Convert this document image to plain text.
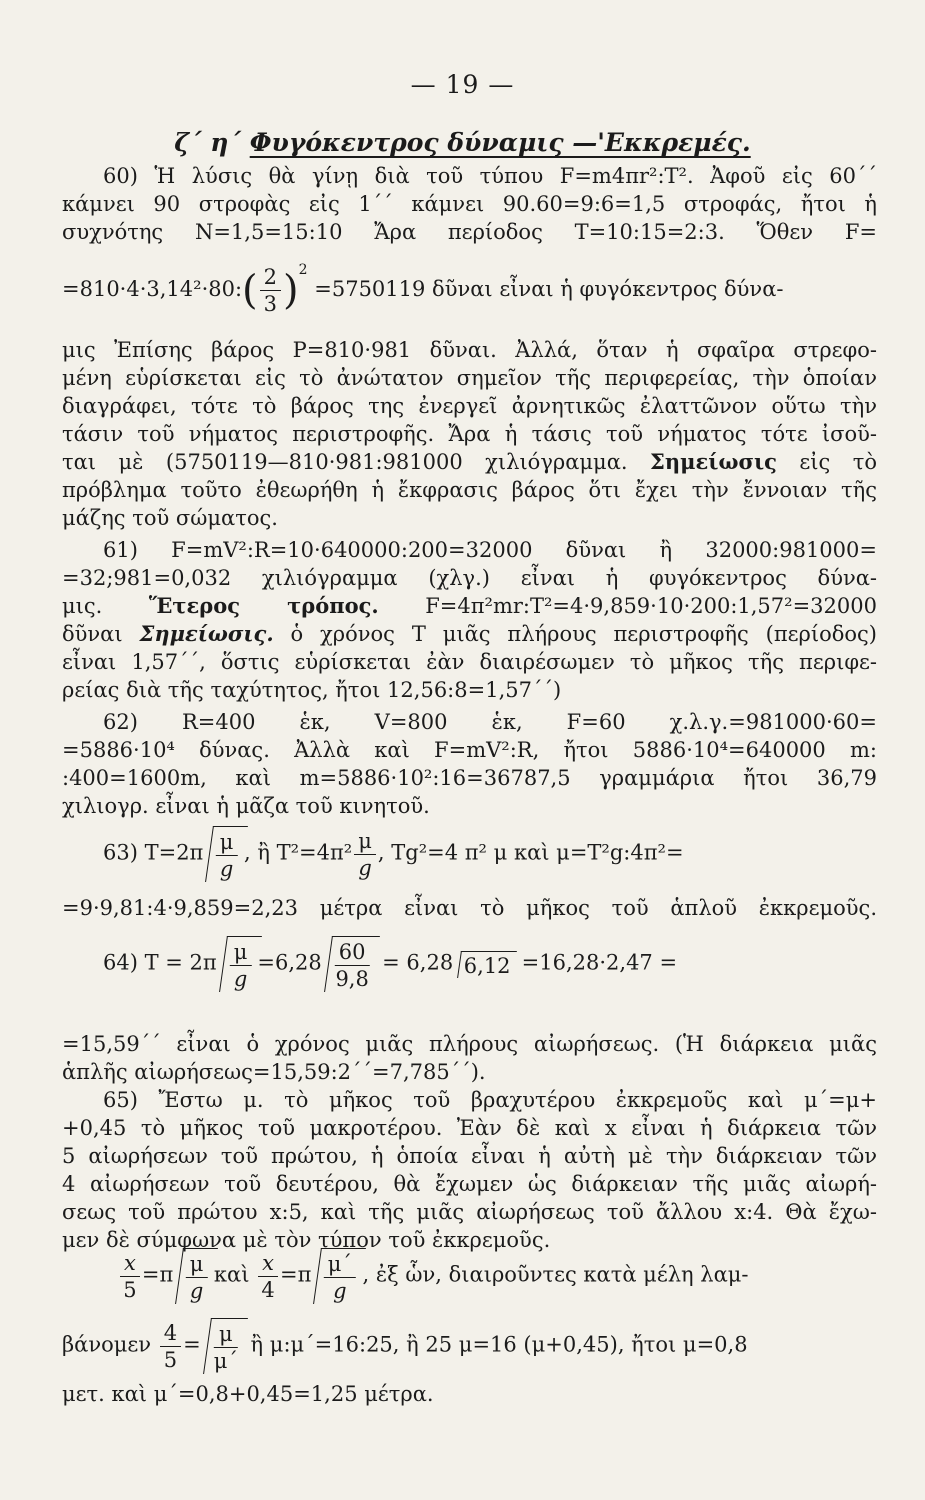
— 19 —
ζ΄ η΄ Φυγόκεντρος δύναμις —'Εκκρεμές.
60) Ἡ λύσις θὰ γίνῃ διὰ τοῦ τύπου F=m4πr²:T². Ἀφοῦ εἰς 60΄΄
κάμνει 90 στροφὰς εἰς 1΄΄ κάμνει 90.60=9:6=1,5 στροφάς, ἤτοι ἡ
συχνότης N=1,5=15:10 Ἄρα περίοδος T=10:15=2:3. Ὅθεν F=
=810·4·3,14²·80:( $\frac{2}{3} )^2 =5750119$ δῦναι εἶναι ἡ φυγόκεντρος δύνα-
μις Ἐπίσης βάρος P=810·981 δῦναι. Ἀλλά, ὅταν ἡ σφαῖρα στρεφο-
μένη εὑρίσκεται εἰς τὸ ἀνώτατον σημεῖον τῆς περιφερείας, τὴν ὁποίαν
διαγράφει, τότε τὸ βάρος της ἐνεργεῖ ἀρνητικῶς ἐλαττῶνον οὕτω τὴν
τάσιν τοῦ νήματος περιστροφῆς. Ἄρα ἡ τάσις τοῦ νήματος τότε ἰσοῦ-
ται μὲ (5750119—810·981:981000 χιλιόγραμμα. Σημείωσις εἰς τὸ
πρόβλημα τοῦτο ἐθεωρήθη ἡ ἔκφρασις βάρος ὅτι ἔχει τὴν ἔννοιαν τῆς
μάζης τοῦ σώματος.
61) F=mV²:R=10·640000:200=32000 δῦναι ἢ 32000:981000=
=32;981=0,032 χιλιόγραμμα (χλγ.) εἶναι ἡ φυγόκεντρος δύνα-
μις. Ἕτερος τρόπος. F=4π²mr:T²=4·9,859·10·200:1,57²=32000
δῦναι Σημείωσις. ὁ χρόνος T μιᾶς πλήρους περιστροφῆς (περίοδος)
εἶναι 1,57΄΄, ὅστις εὑρίσκεται ἐὰν διαιρέσωμεν τὸ μῆκος τῆς περιφε-
ρείας διὰ τῆς ταχύτητος, ἤτοι 12,56:8=1,57΄΄)
62) R=400 ἑκ, V=800 ἑκ, F=60 χ.λ.γ.=981000·60=
=5886·10⁴ δύνας. Ἀλλὰ καὶ F=mV²:R, ἤτοι 5886·10⁴=640000 m:
:400=1600m, καὶ m=5886·10²:16=36787,5 γραμμάρια ἤτοι 36,79
χιλιογρ. εἶναι ἡ μᾶζα τοῦ κινητοῦ.
63) $T=2\pi \frac{\mu}{g}$ , ἢ $T^2=4\pi^2 \frac{\mu}{g}$ , Tg²=4 π² μ καὶ μ=T²g:4π²=
=9·9,81:4·9,859=2,23 μέτρα εἶναι τὸ μῆκος τοῦ ἁπλοῦ ἐκκρεμοῦς.
64) $T = 2\pi \frac{\mu}{g} =6,28 \frac{60}{9,8} = 6,28$ 6,12 =16,28·2,47 =
=15,59΄΄ εἶναι ὁ χρόνος μιᾶς πλήρους αἰωρήσεως. (Ἡ διάρκεια μιᾶς
ἁπλῆς αἰωρήσεως=15,59:2΄΄=7,785΄΄).
65) Ἔστω μ. τὸ μῆκος τοῦ βραχυτέρου ἐκκρεμοῦς καὶ μ΄=μ+
+0,45 τὸ μῆκος τοῦ μακροτέρου. Ἐὰν δὲ καὶ x εἶναι ἡ διάρκεια τῶν
5 αἰωρήσεων τοῦ πρώτου, ἡ ὁποία εἶναι ἡ αὐτὴ μὲ τὴν διάρκειαν τῶν
4 αἰωρήσεων τοῦ δευτέρου, θὰ ἔχωμεν ὡς διάρκειαν τῆς μιᾶς αἰωρή-
σεως τοῦ πρώτου x:5, καὶ τῆς μιᾶς αἰωρήσεως τοῦ ἄλλου x:4. Θὰ ἔχω-
μεν δὲ σύμφωνα μὲ τὸν τύπον τοῦ ἐκκρεμοῦς.
$\frac{x}{5} =\pi \frac{\mu}{g}$ καὶ $\frac{x}{4} =\pi \frac{\mu΄}{g}$ , ἐξ ὧν, διαιροῦντες κατὰ μέλη λαμ-
βάνομεν $\frac{4}{5} = \frac{\mu}{\mu΄}$ ἢ μ:μ΄=16:25, ἢ 25 μ=16 (μ+0,45), ἤτοι μ=0,8
μετ. καὶ μ΄=0,8+0,45=1,25 μέτρα.
